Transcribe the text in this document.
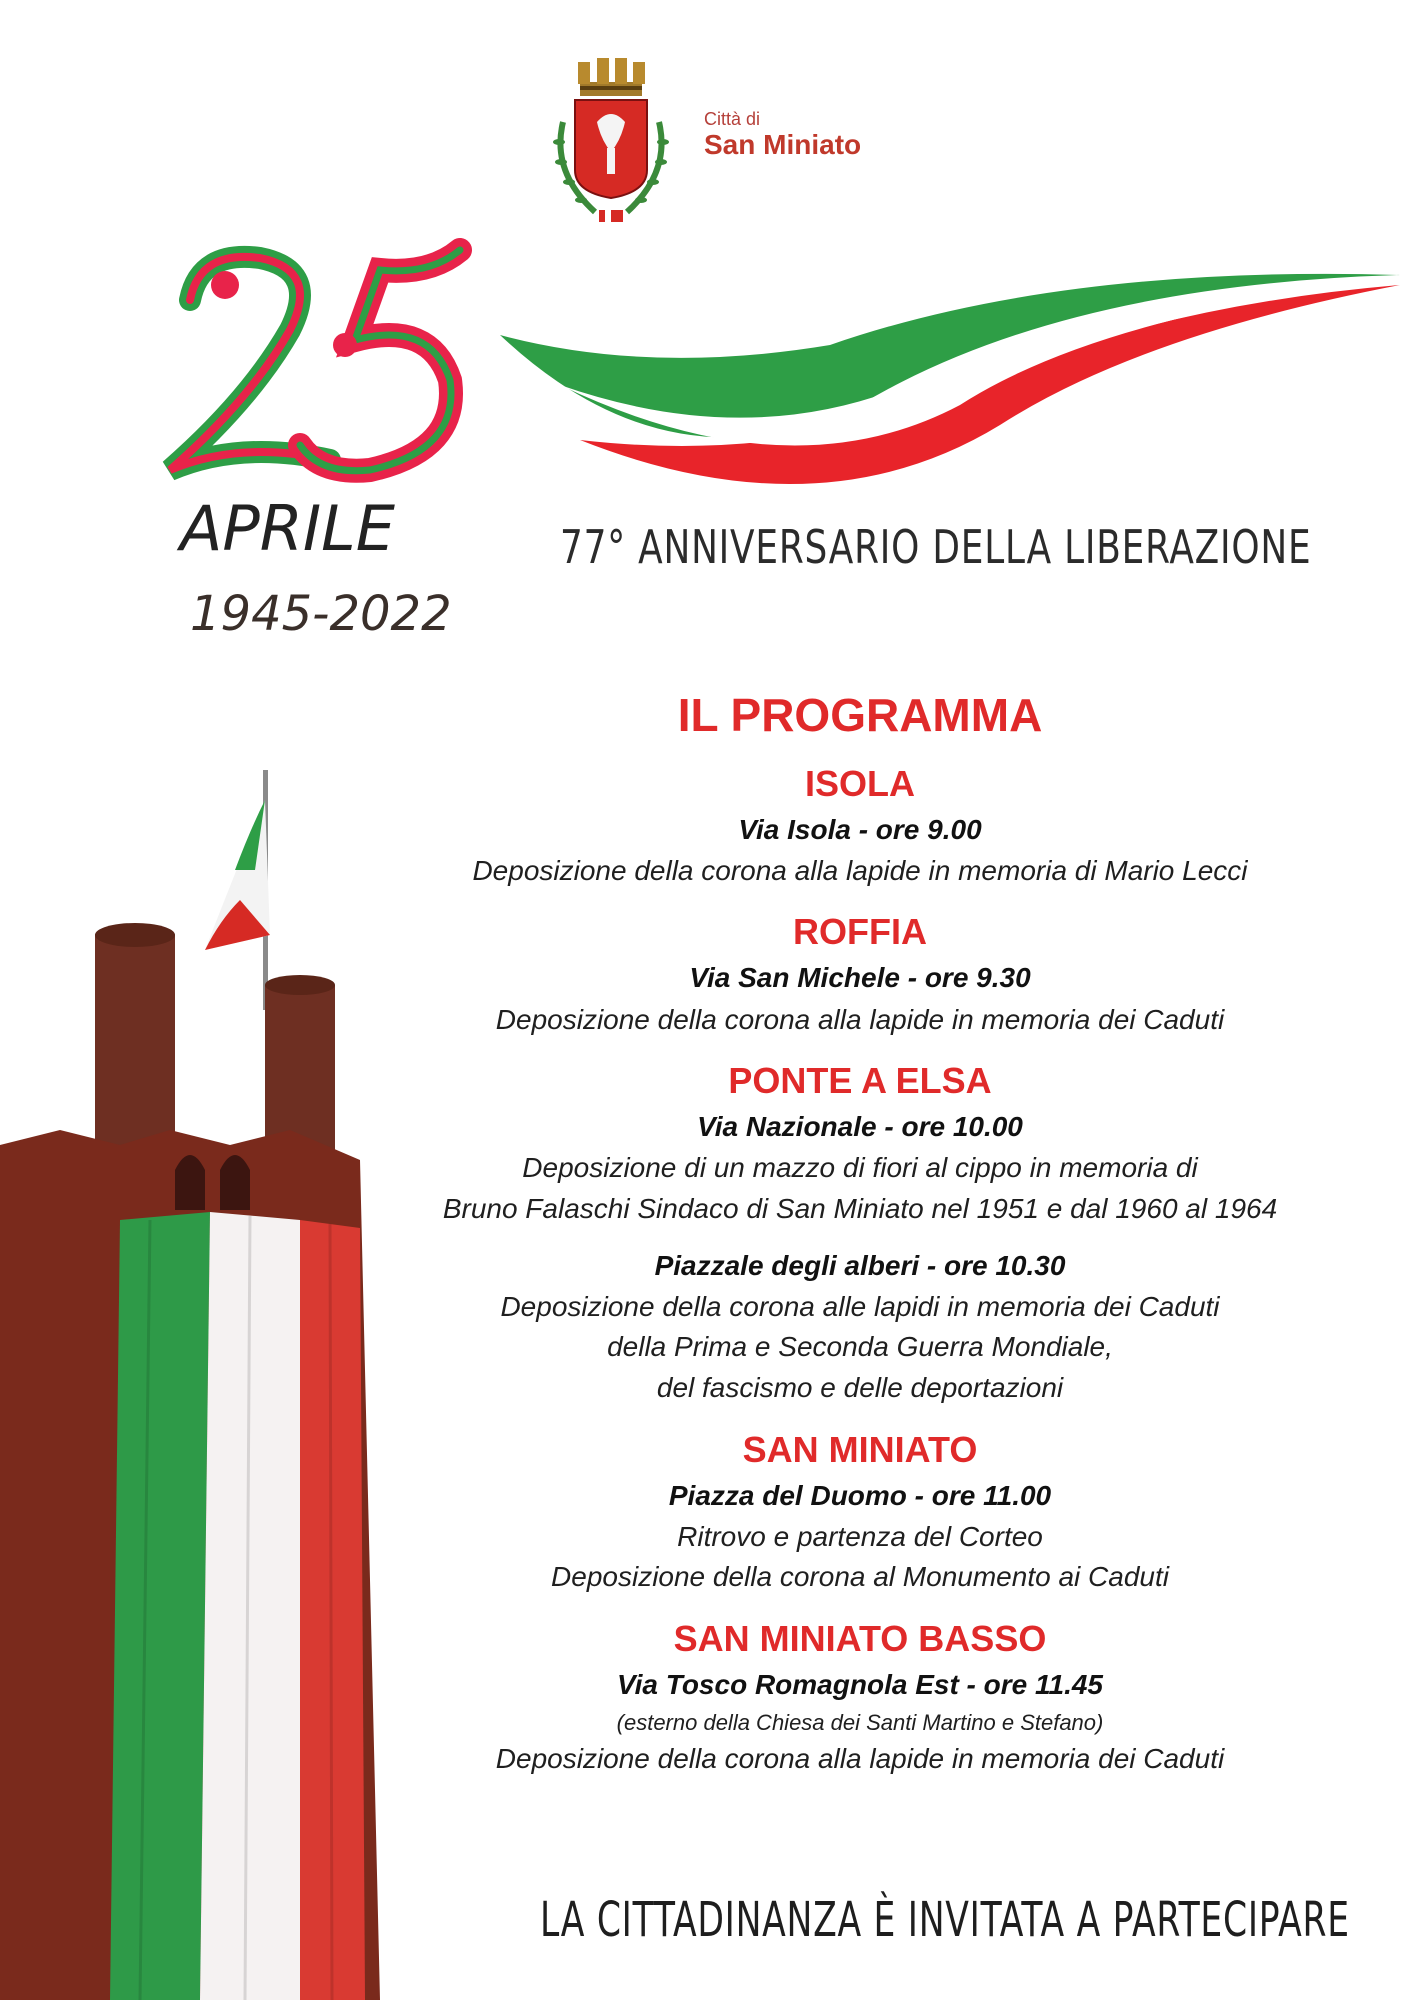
Città di
San Miniato
APRILE
1945-2022
77° ANNIVERSARIO DELLA LIBERAZIONE

IL PROGRAMMA

ISOLA

Via Isola - ore 9.00

Deposizione della corona alla lapide in memoria di Mario Lecci

ROFFIA

Via San Michele - ore 9.30

Deposizione della corona alla lapide in memoria dei Caduti

PONTE A ELSA

Via Nazionale - ore 10.00

Deposizione di un mazzo di fiori al cippo in memoria di

Bruno Falaschi Sindaco di San Miniato nel 1951 e dal 1960 al 1964

Piazzale degli alberi - ore 10.30

Deposizione della corona alle lapidi in memoria dei Caduti

della Prima e Seconda Guerra Mondiale,

del fascismo e delle deportazioni

SAN MINIATO

Piazza del Duomo - ore 11.00

Ritrovo e partenza del Corteo

Deposizione della corona al Monumento ai Caduti

SAN MINIATO BASSO

Via Tosco Romagnola Est - ore 11.45

(esterno della Chiesa dei Santi Martino e Stefano)

Deposizione della corona alla lapide in memoria dei Caduti

LA CITTADINANZA È INVITATA A PARTECIPARE
